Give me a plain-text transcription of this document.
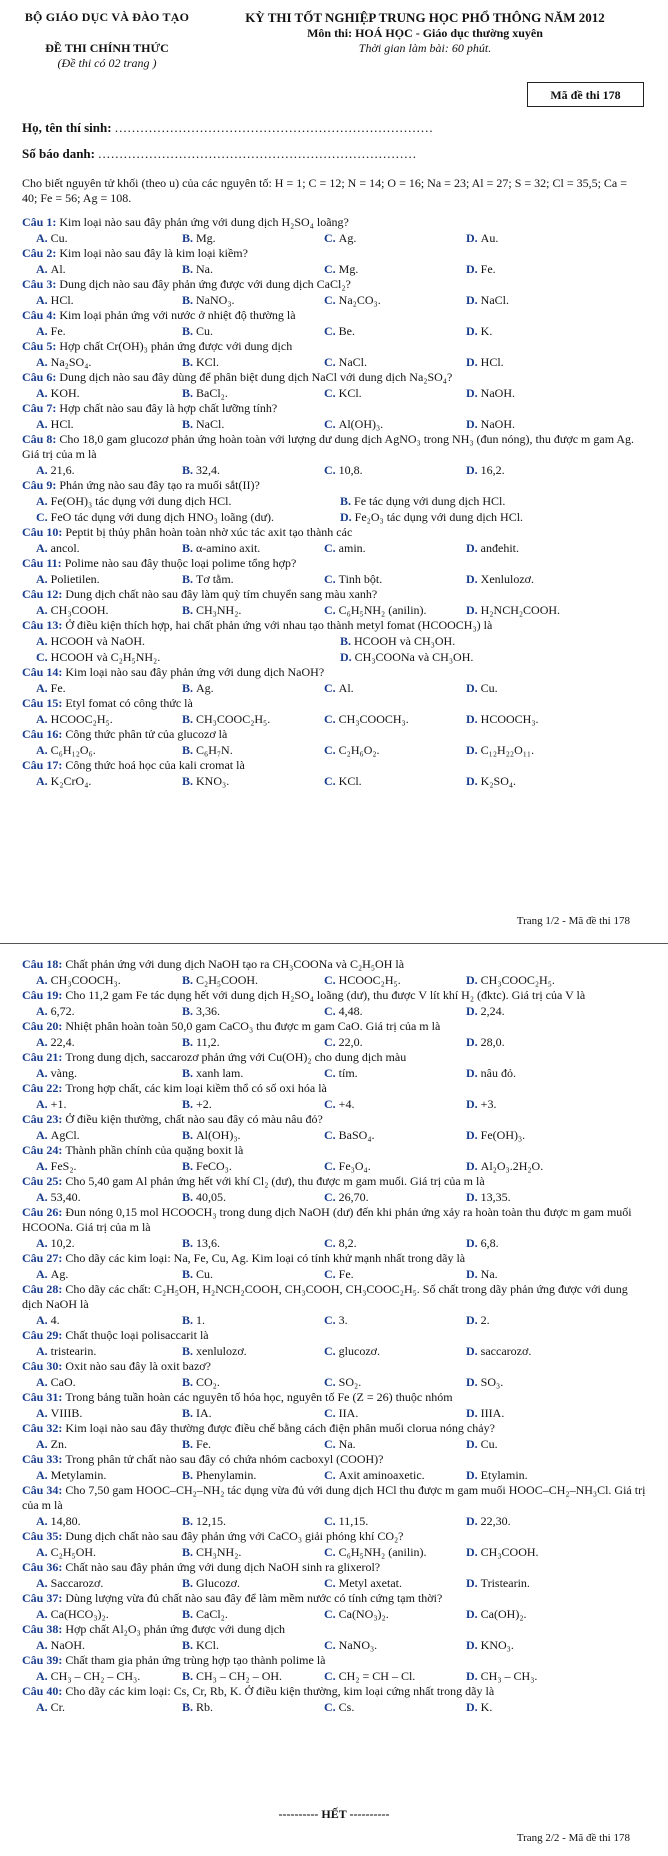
BỘ GIÁO DỤC VÀ ĐÀO TẠO
ĐỀ THI CHÍNH THỨC
(Đề thi có 02 trang )
KỲ THI TỐT NGHIỆP TRUNG HỌC PHỔ THÔNG NĂM 2012
Môn thi: HOÁ HỌC - Giáo dục thường xuyên
Thời gian làm bài: 60 phút.
Mã đề thi 178
Họ, tên thí sinh: ...........................................................................
Số báo danh: ...........................................................................
Cho biết nguyên tử khối (theo u) của các nguyên tố: H = 1; C = 12; N = 14; O = 16; Na = 23; Al = 27; S = 32; Cl = 35,5; Ca = 40; Fe = 56; Ag = 108.
Câu 1: Kim loại nào sau đây phản ứng với dung dịch H₂SO₄ loãng?
A. Cu.	B. Mg.	C. Ag.	D. Au.
Câu 2: Kim loại nào sau đây là kim loại kiềm?
A. Al.	B. Na.	C. Mg.	D. Fe.
Câu 3: Dung dịch nào sau đây phản ứng được với dung dịch CaCl₂?
A. HCl.	B. NaNO₃.	C. Na₂CO₃.	D. NaCl.
Câu 4: Kim loại phản ứng với nước ở nhiệt độ thường là
A. Fe.	B. Cu.	C. Be.	D. K.
Câu 5: Hợp chất Cr(OH)₃ phản ứng được với dung dịch
A. Na₂SO₄.	B. KCl.	C. NaCl.	D. HCl.
Câu 6: Dung dịch nào sau đây dùng để phân biệt dung dịch NaCl với dung dịch Na₂SO₄?
A. KOH.	B. BaCl₂.	C. KCl.	D. NaOH.
Câu 7: Hợp chất nào sau đây là hợp chất lưỡng tính?
A. HCl.	B. NaCl.	C. Al(OH)₃.	D. NaOH.
Câu 8: Cho 18,0 gam glucozơ phản ứng hoàn toàn với lượng dư dung dịch AgNO₃ trong NH₃ (đun nóng), thu được m gam Ag. Giá trị của m là
A. 21,6.	B. 32,4.	C. 10,8.	D. 16,2.
Câu 9: Phản ứng nào sau đây tạo ra muối sắt(II)?
A. Fe(OH)₃ tác dụng với dung dịch HCl.	B. Fe tác dụng với dung dịch HCl.
C. FeO tác dụng với dung dịch HNO₃ loãng (dư).	D. Fe₂O₃ tác dụng với dung dịch HCl.
Câu 10: Peptit bị thủy phân hoàn toàn nhờ xúc tác axit tạo thành các
A. ancol.	B. α-amino axit.	C. amin.	D. anđehit.
Câu 11: Polime nào sau đây thuộc loại polime tổng hợp?
A. Polietilen.	B. Tơ tằm.	C. Tinh bột.	D. Xenlulozơ.
Câu 12: Dung dịch chất nào sau đây làm quỳ tím chuyển sang màu xanh?
A. CH₃COOH.	B. CH₃NH₂.	C. C₆H₅NH₂ (anilin).	D. H₂NCH₂COOH.
Câu 13: Ở điều kiện thích hợp, hai chất phản ứng với nhau tạo thành metyl fomat (HCOOCH₃) là
A. HCOOH và NaOH.	B. HCOOH và CH₃OH.
C. HCOOH và C₂H₅NH₂.	D. CH₃COONa và CH₃OH.
Câu 14: Kim loại nào sau đây phản ứng với dung dịch NaOH?
A. Fe.	B. Ag.	C. Al.	D. Cu.
Câu 15: Etyl fomat có công thức là
A. HCOOC₂H₅.	B. CH₃COOC₂H₅.	C. CH₃COOCH₃.	D. HCOOCH₃.
Câu 16: Công thức phân tử của glucozơ là
A. C₆H₁₂O₆.	B. C₆H₇N.	C. C₂H₆O₂.	D. C₁₂H₂₂O₁₁.
Câu 17: Công thức hoá học của kali cromat là
A. K₂CrO₄.	B. KNO₃.	C. KCl.	D. K₂SO₄.
Trang 1/2 - Mã đề thi 178
Câu 18: Chất phản ứng với dung dịch NaOH tạo ra CH₃COONa và C₂H₅OH là
A. CH₃COOCH₃.	B. C₂H₅COOH.	C. HCOOC₂H₅.	D. CH₃COOC₂H₅.
Câu 19: Cho 11,2 gam Fe tác dụng hết với dung dịch H₂SO₄ loãng (dư), thu được V lít khí H₂ (đktc). Giá trị của V là
A. 6,72.	B. 3,36.	C. 4,48.	D. 2,24.
Câu 20: Nhiệt phân hoàn toàn 50,0 gam CaCO₃ thu được m gam CaO. Giá trị của m là
A. 22,4.	B. 11,2.	C. 22,0.	D. 28,0.
Câu 21: Trong dung dịch, saccarozơ phản ứng với Cu(OH)₂ cho dung dịch màu
A. vàng.	B. xanh lam.	C. tím.	D. nâu đỏ.
Câu 22: Trong hợp chất, các kim loại kiềm thổ có số oxi hóa là
A. +1.	B. +2.	C. +4.	D. +3.
Câu 23: Ở điều kiện thường, chất nào sau đây có màu nâu đỏ?
A. AgCl.	B. Al(OH)₃.	C. BaSO₄.	D. Fe(OH)₃.
Câu 24: Thành phần chính của quặng boxit là
A. FeS₂.	B. FeCO₃.	C. Fe₃O₄.	D. Al₂O₃.2H₂O.
Câu 25: Cho 5,40 gam Al phản ứng hết với khí Cl₂ (dư), thu được m gam muối. Giá trị của m là
A. 53,40.	B. 40,05.	C. 26,70.	D. 13,35.
Câu 26: Đun nóng 0,15 mol HCOOCH₃ trong dung dịch NaOH (dư) đến khi phản ứng xảy ra hoàn toàn thu được m gam muối HCOONa. Giá trị của m là
A. 10,2.	B. 13,6.	C. 8,2.	D. 6,8.
Câu 27: Cho dãy các kim loại: Na, Fe, Cu, Ag. Kim loại có tính khử mạnh nhất trong dãy là
A. Ag.	B. Cu.	C. Fe.	D. Na.
Câu 28: Cho dãy các chất: C₂H₅OH, H₂NCH₂COOH, CH₃COOH, CH₃COOC₂H₅. Số chất trong dãy phản ứng được với dung dịch NaOH là
A. 4.	B. 1.	C. 3.	D. 2.
Câu 29: Chất thuộc loại polisaccarit là
A. tristearin.	B. xenlulozơ.	C. glucozơ.	D. saccarozơ.
Câu 30: Oxit nào sau đây là oxit bazơ?
A. CaO.	B. CO₂.	C. SO₂.	D. SO₃.
Câu 31: Trong bảng tuần hoàn các nguyên tố hóa học, nguyên tố Fe (Z = 26) thuộc nhóm
A. VIIIB.	B. IA.	C. IIA.	D. IIIA.
Câu 32: Kim loại nào sau đây thường được điều chế bằng cách điện phân muối clorua nóng chảy?
A. Zn.	B. Fe.	C. Na.	D. Cu.
Câu 33: Trong phân tử chất nào sau đây có chứa nhóm cacboxyl (COOH)?
A. Metylamin.	B. Phenylamin.	C. Axit aminoaxetic.	D. Etylamin.
Câu 34: Cho 7,50 gam HOOC–CH₂–NH₂ tác dụng vừa đủ với dung dịch HCl thu được m gam muối HOOC–CH₂–NH₃Cl. Giá trị của m là
A. 14,80.	B. 12,15.	C. 11,15.	D. 22,30.
Câu 35: Dung dịch chất nào sau đây phản ứng với CaCO₃ giải phóng khí CO₂?
A. C₂H₅OH.	B. CH₃NH₂.	C. C₆H₅NH₂ (anilin).	D. CH₃COOH.
Câu 36: Chất nào sau đây phản ứng với dung dịch NaOH sinh ra glixerol?
A. Saccarozơ.	B. Glucozơ.	C. Metyl axetat.	D. Tristearin.
Câu 37: Dùng lượng vừa đủ chất nào sau đây để làm mềm nước có tính cứng tạm thời?
A. Ca(HCO₃)₂.	B. CaCl₂.	C. Ca(NO₃)₂.	D. Ca(OH)₂.
Câu 38: Hợp chất Al₂O₃ phản ứng được với dung dịch
A. NaOH.	B. KCl.	C. NaNO₃.	D. KNO₃.
Câu 39: Chất tham gia phản ứng trùng hợp tạo thành polime là
A. CH₃ – CH₂ – CH₃.	B. CH₃ – CH₂ – OH.	C. CH₂ = CH – Cl.	D. CH₃ – CH₃.
Câu 40: Cho dãy các kim loại: Cs, Cr, Rb, K. Ở điều kiện thường, kim loại cứng nhất trong dãy là
A. Cr.	B. Rb.	C. Cs.	D. K.
---------- HẾT ----------
Trang 2/2 - Mã đề thi 178
